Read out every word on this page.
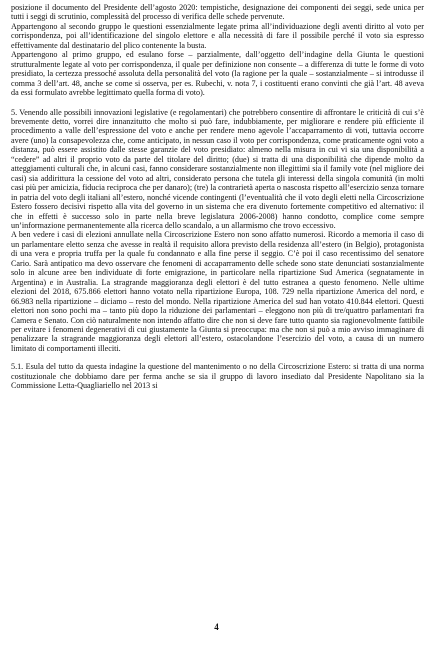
posizione il documento del Presidente dell’agosto 2020: tempistiche, designazione dei componenti dei seggi, sede unica per tutti i seggi di scrutinio, complessità del processo di verifica delle schede pervenute.

Appartengono al secondo gruppo le questioni essenzialmente legate prima all’individuazione degli aventi diritto al voto per corrispondenza, poi all’identificazione del singolo elettore e alla necessità di fare il possibile perché il voto sia espresso effettivamente dal destinatario del plico contenente la busta.

Appartengono al primo gruppo, ed esulano forse – parzialmente, dall’oggetto dell’indagine della Giunta le questioni strutturalmente legate al voto per corrispondenza, il quale per definizione non consente – a differenza di tutte le forme di voto presidiato, la certezza pressoché assoluta della personalità del voto (la ragione per la quale – sostanzialmente – si introdusse il comma 3 dell’art. 48, anche se come si osserva, per es. Rubechi, v. nota 7, i costituenti erano convinti che già l’art. 48 aveva da essi formulato avrebbe legittimato quella forma di voto).

5. Venendo alle possibili innovazioni legislative (e regolamentari) che potrebbero consentire di affrontare le criticità di cui s’è brevemente detto, vorrei dire innanzitutto che molto si può fare, indubbiamente, per migliorare e rendere più efficiente il procedimento a valle dell’espressione del voto e anche per rendere meno agevole l’accaparramento di voti, tuttavia occorre avere (uno) la consapevolezza che, come anticipato, in nessun caso il voto per corrispondenza, come praticamente ogni voto a distanza, può essere assistito dalle stesse garanzie del voto presidiato: almeno nella misura in cui vi sia una disponibilità a “cedere” ad altri il proprio voto da parte del titolare del diritto; (due) si tratta di una disponibilità che dipende molto da atteggiamenti culturali che, in alcuni casi, fanno considerare sostanzialmente non illegittimi sia il family vote (nel migliore dei casi) sia addirittura la cessione del voto ad altri, considerato persona che tutela gli interessi della singola comunità (in molti casi più per amicizia, fiducia reciproca che per danaro); (tre) la contrarietà aperta o nascosta rispetto all’esercizio senza tornare in patria del voto degli italiani all’estero, nonché vicende contingenti (l’eventualità che il voto degli eletti nella Circoscrizione Estero fossero decisivi rispetto alla vita del governo in un sistema che era divenuto fortemente competitivo ed alternativo: il che in effetti è successo solo in parte nella breve legislatura 2006-2008) hanno condotto, complice come sempre un’informazione permanentemente alla ricerca dello scandalo, a un allarmismo che trovo eccessivo.

A ben vedere i casi di elezioni annullate nella Circoscrizione Estero non sono affatto numerosi. Ricordo a memoria il caso di un parlamentare eletto senza che avesse in realtà il requisito allora previsto della residenza all’estero (in Belgio), protagonista di una vera e propria truffa per la quale fu condannato e alla fine perse il seggio. C’è poi il caso recentissimo del senatore Cario. Sarà antipatico ma devo osservare che fenomeni di accaparramento delle schede sono state denunciati sostanzialmente solo in alcune aree ben individuate di forte emigrazione, in particolare nella ripartizione Sud America (segnatamente in Argentina) e in Australia. La stragrande maggioranza degli elettori è del tutto estranea a questo fenomeno. Nelle ultime elezioni del 2018, 675.866 elettori hanno votato nella ripartizione Europa, 108. 729 nella ripartizione America del nord, e 66.983 nella ripartizione – diciamo – resto del mondo. Nella ripartizione America del sud han votato 410.844 elettori. Questi elettori non sono pochi ma – tanto più dopo la riduzione dei parlamentari – eleggono non più di tre/quattro parlamentari fra Camera e Senato. Con ciò naturalmente non intendo affatto dire che non si deve fare tutto quanto sia ragionevolmente fattibile per evitare i fenomeni degenerativi di cui giustamente la Giunta si preoccupa: ma che non si può a mio avviso immaginare di penalizzare la stragrande maggioranza degli elettori all’estero, ostacolandone l’esercizio del voto, a causa di un numero limitato di comportamenti illeciti.

5.1. Esula del tutto da questa indagine la questione del mantenimento o no della Circoscrizione Estero: si tratta di una norma costituzionale che dobbiamo dare per ferma anche se sia il gruppo di lavoro insediato dal Presidente Napolitano sia la Commissione Letta-Quagliariello nel 2013 si

4
